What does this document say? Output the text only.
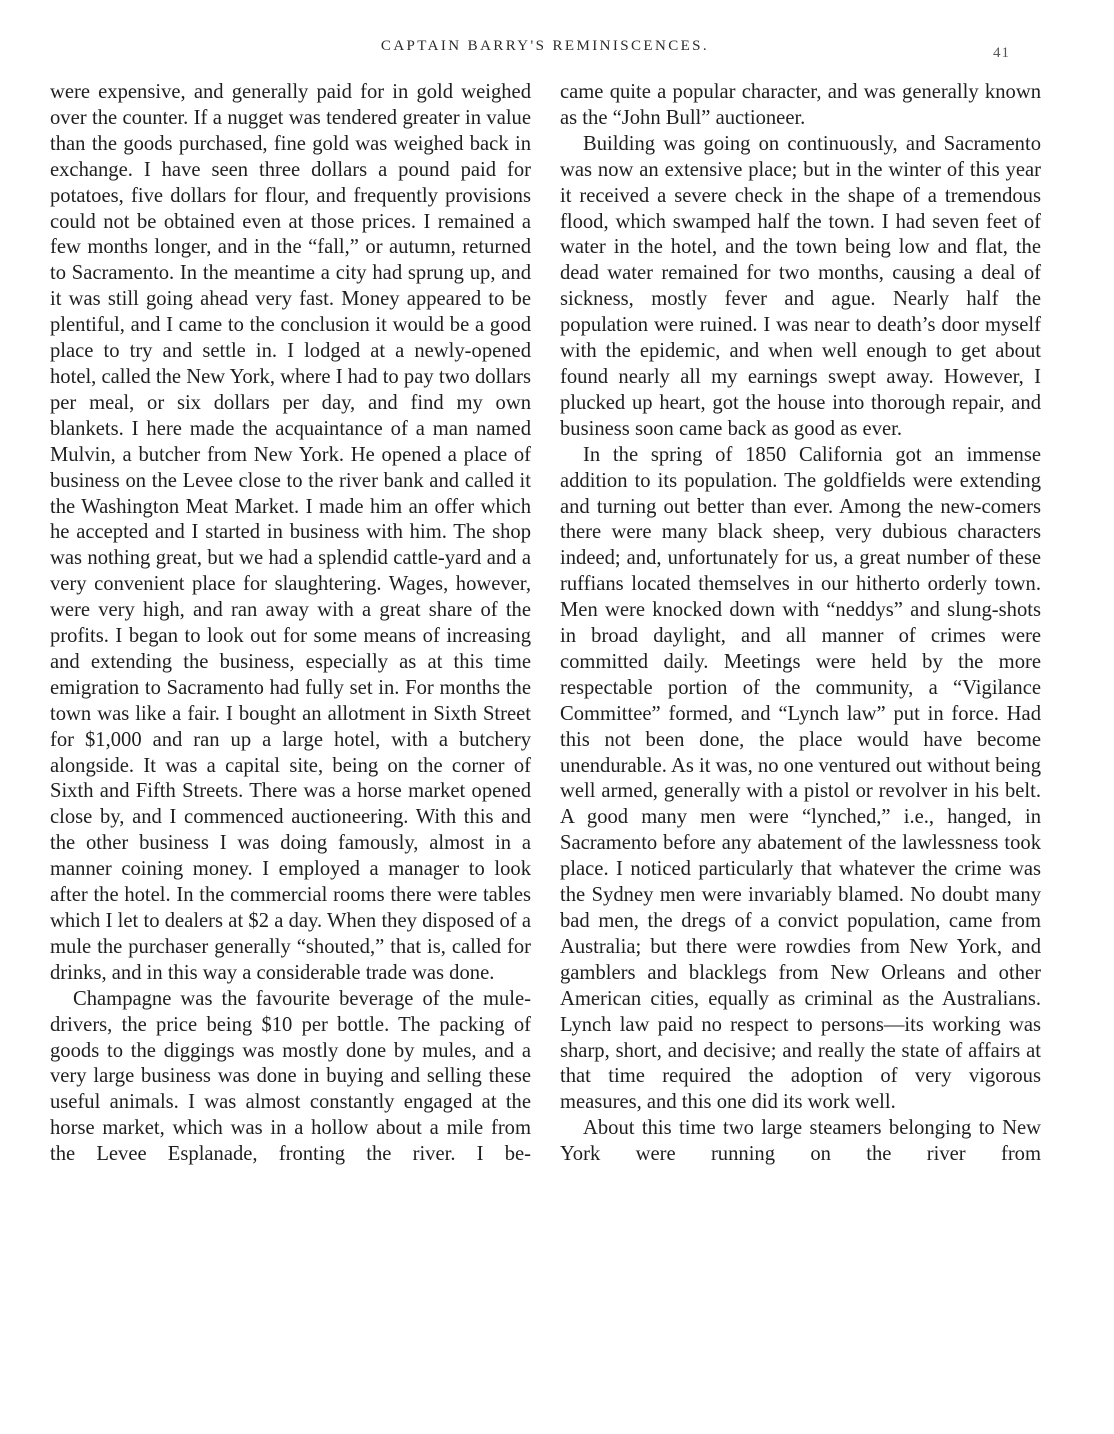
CAPTAIN BARRY'S REMINISCENCES.	41

were expensive, and generally paid for in gold weighed over the counter. If a nugget was tendered greater in value than the goods purchased, fine gold was weighed back in exchange. I have seen three dollars a pound paid for potatoes, five dollars for flour, and frequently provisions could not be obtained even at those prices. I remained a few months longer, and in the “fall,” or autumn, returned to Sacramento. In the meantime a city had sprung up, and it was still going ahead very fast. Money appeared to be plentiful, and I came to the conclusion it would be a good place to try and settle in. I lodged at a newly-opened hotel, called the New York, where I had to pay two dollars per meal, or six dollars per day, and find my own blankets. I here made the acquaintance of a man named Mulvin, a butcher from New York. He opened a place of business on the Levee close to the river bank and called it the Washington Meat Market. I made him an offer which he accepted and I started in business with him. The shop was nothing great, but we had a splendid cattle-yard and a very convenient place for slaughtering. Wages, however, were very high, and ran away with a great share of the profits. I began to look out for some means of increasing and extending the business, especially as at this time emigration to Sacramento had fully set in. For months the town was like a fair. I bought an allotment in Sixth Street for $1,000 and ran up a large hotel, with a butchery alongside. It was a capital site, being on the corner of Sixth and Fifth Streets. There was a horse market opened close by, and I commenced auctioneering. With this and the other business I was doing famously, almost in a manner coining money. I employed a manager to look after the hotel. In the commercial rooms there were tables which I let to dealers at $2 a day. When they disposed of a mule the purchaser generally “shouted,” that is, called for drinks, and in this way a considerable trade was done.

Champagne was the favourite beverage of the mule-drivers, the price being $10 per bottle. The packing of goods to the diggings was mostly done by mules, and a very large business was done in buying and selling these useful animals. I was almost constantly engaged at the horse market, which was in a hollow about a mile from the Levee Esplanade, fronting the river. I be-

came quite a popular character, and was generally known as the “John Bull” auctioneer.

Building was going on continuously, and Sacramento was now an extensive place; but in the winter of this year it received a severe check in the shape of a tremendous flood, which swamped half the town. I had seven feet of water in the hotel, and the town being low and flat, the dead water remained for two months, causing a deal of sickness, mostly fever and ague. Nearly half the population were ruined. I was near to death’s door myself with the epidemic, and when well enough to get about found nearly all my earnings swept away. However, I plucked up heart, got the house into thorough repair, and business soon came back as good as ever.

In the spring of 1850 California got an immense addition to its population. The goldfields were extending and turning out better than ever. Among the new-comers there were many black sheep, very dubious characters indeed; and, unfortunately for us, a great number of these ruffians located themselves in our hitherto orderly town. Men were knocked down with “neddys” and slung-shots in broad daylight, and all manner of crimes were committed daily. Meetings were held by the more respectable portion of the community, a “Vigilance Committee” formed, and “Lynch law” put in force. Had this not been done, the place would have become unendurable. As it was, no one ventured out without being well armed, generally with a pistol or revolver in his belt. A good many men were “lynched,” i.e., hanged, in Sacramento before any abatement of the lawlessness took place. I noticed particularly that whatever the crime was the Sydney men were invariably blamed. No doubt many bad men, the dregs of a convict population, came from Australia; but there were rowdies from New York, and gamblers and blacklegs from New Orleans and other American cities, equally as criminal as the Australians. Lynch law paid no respect to persons—its working was sharp, short, and decisive; and really the state of affairs at that time required the adoption of very vigorous measures, and this one did its work well.

About this time two large steamers belonging to New York were running on the river from
